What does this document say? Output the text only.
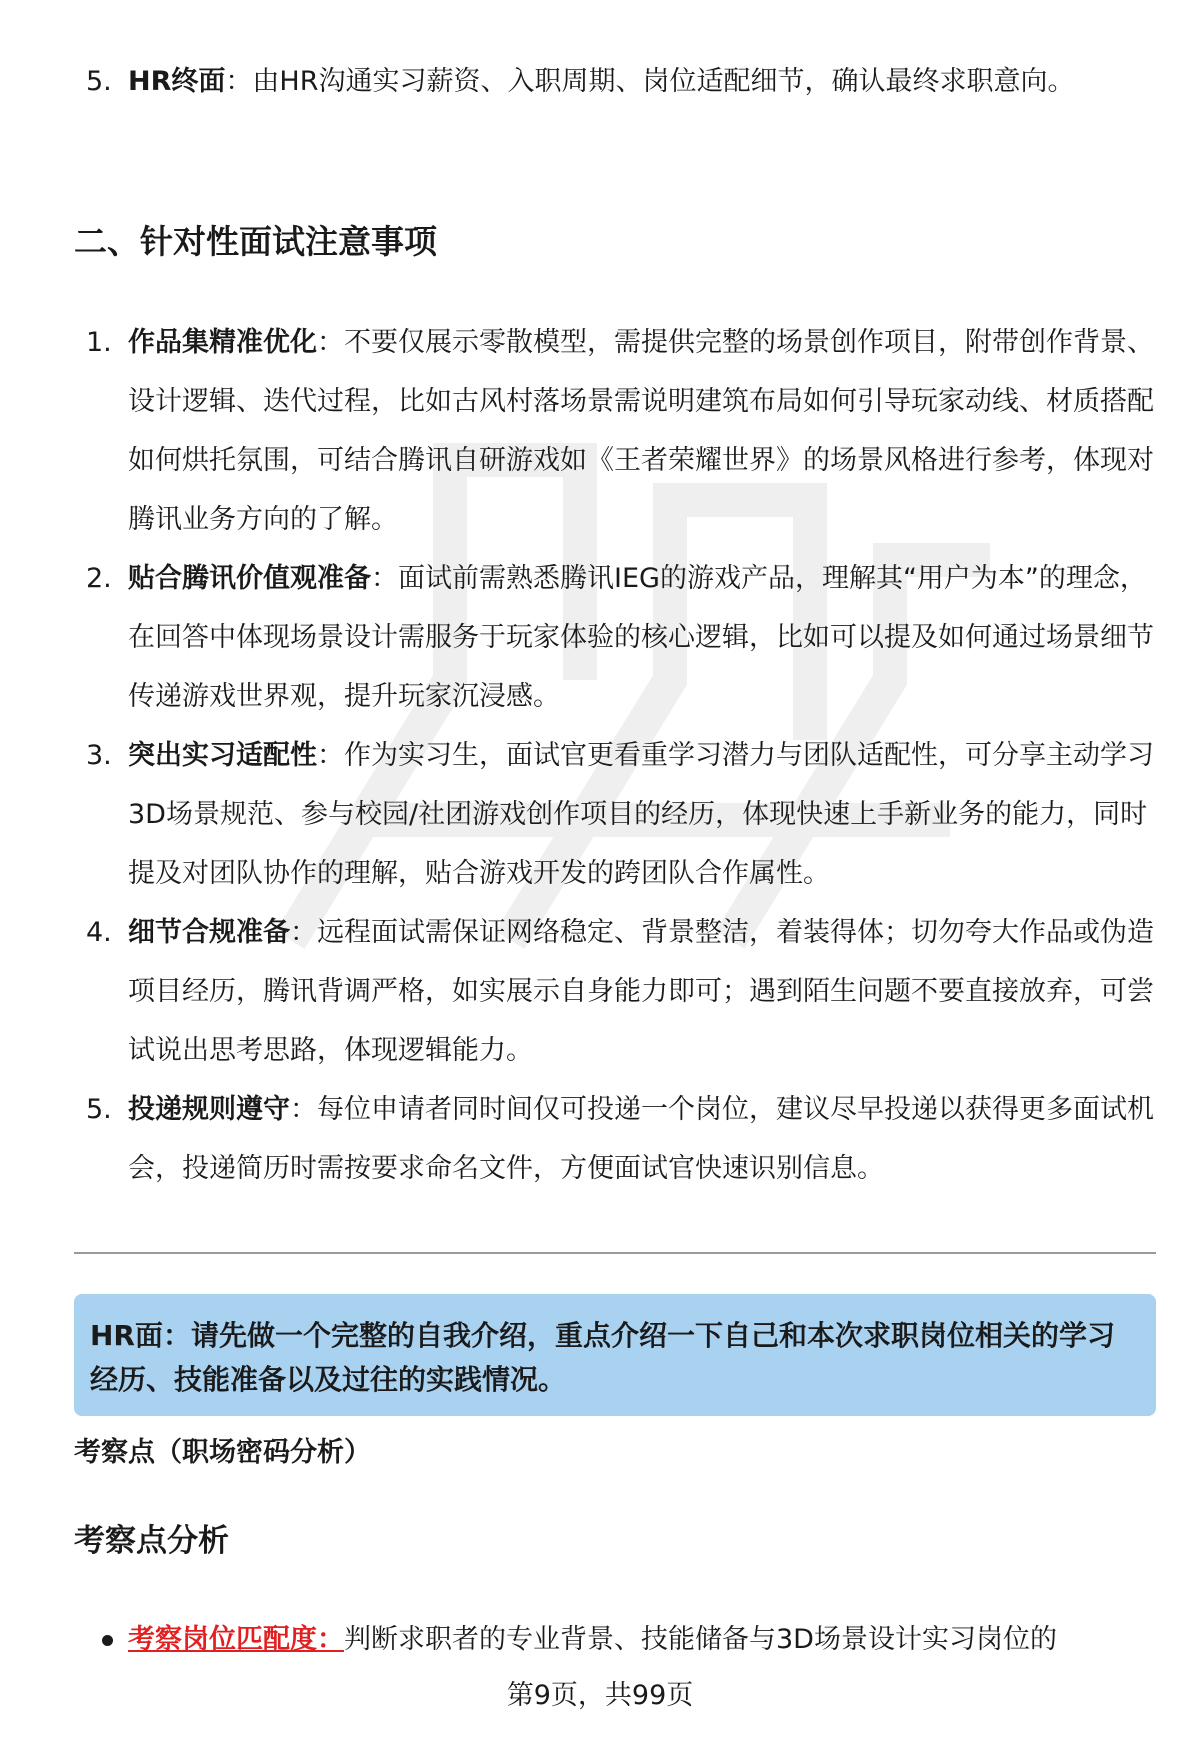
5. HR终面：由HR沟通实习薪资、入职周期、岗位适配细节，确认最终求职意向。
二、针对性面试注意事项
1. 作品集精准优化：不要仅展示零散模型，需提供完整的场景创作项目，附带创作背景、设计逻辑、迭代过程，比如古风村落场景需说明建筑布局如何引导玩家动线、材质搭配如何烘托氛围，可结合腾讯自研游戏如《王者荣耀世界》的场景风格进行参考，体现对腾讯业务方向的了解。
2. 贴合腾讯价值观准备：面试前需熟悉腾讯IEG的游戏产品，理解其“用户为本”的理念，在回答中体现场景设计需服务于玩家体验的核心逻辑，比如可以提及如何通过场景细节传递游戏世界观，提升玩家沉浸感。
3. 突出实习适配性：作为实习生，面试官更看重学习潜力与团队适配性，可分享主动学习3D场景规范、参与校园/社团游戏创作项目的经历，体现快速上手新业务的能力，同时提及对团队协作的理解，贴合游戏开发的跨团队合作属性。
4. 细节合规准备：远程面试需保证网络稳定、背景整洁，着装得体；切勿夸大作品或伪造项目经历，腾讯背调严格，如实展示自身能力即可；遇到陌生问题不要直接放弃，可尝试说出思考思路，体现逻辑能力。
5. 投递规则遵守：每位申请者同时间仅可投递一个岗位，建议尽早投递以获得更多面试机会，投递简历时需按要求命名文件，方便面试官快速识别信息。
HR面：请先做一个完整的自我介绍，重点介绍一下自己和本次求职岗位相关的学习经历、技能准备以及过往的实践情况。
考察点（职场密码分析）
考察点分析
考察岗位匹配度：判断求职者的专业背景、技能储备与3D场景设计实习岗位的
第9页，共99页
